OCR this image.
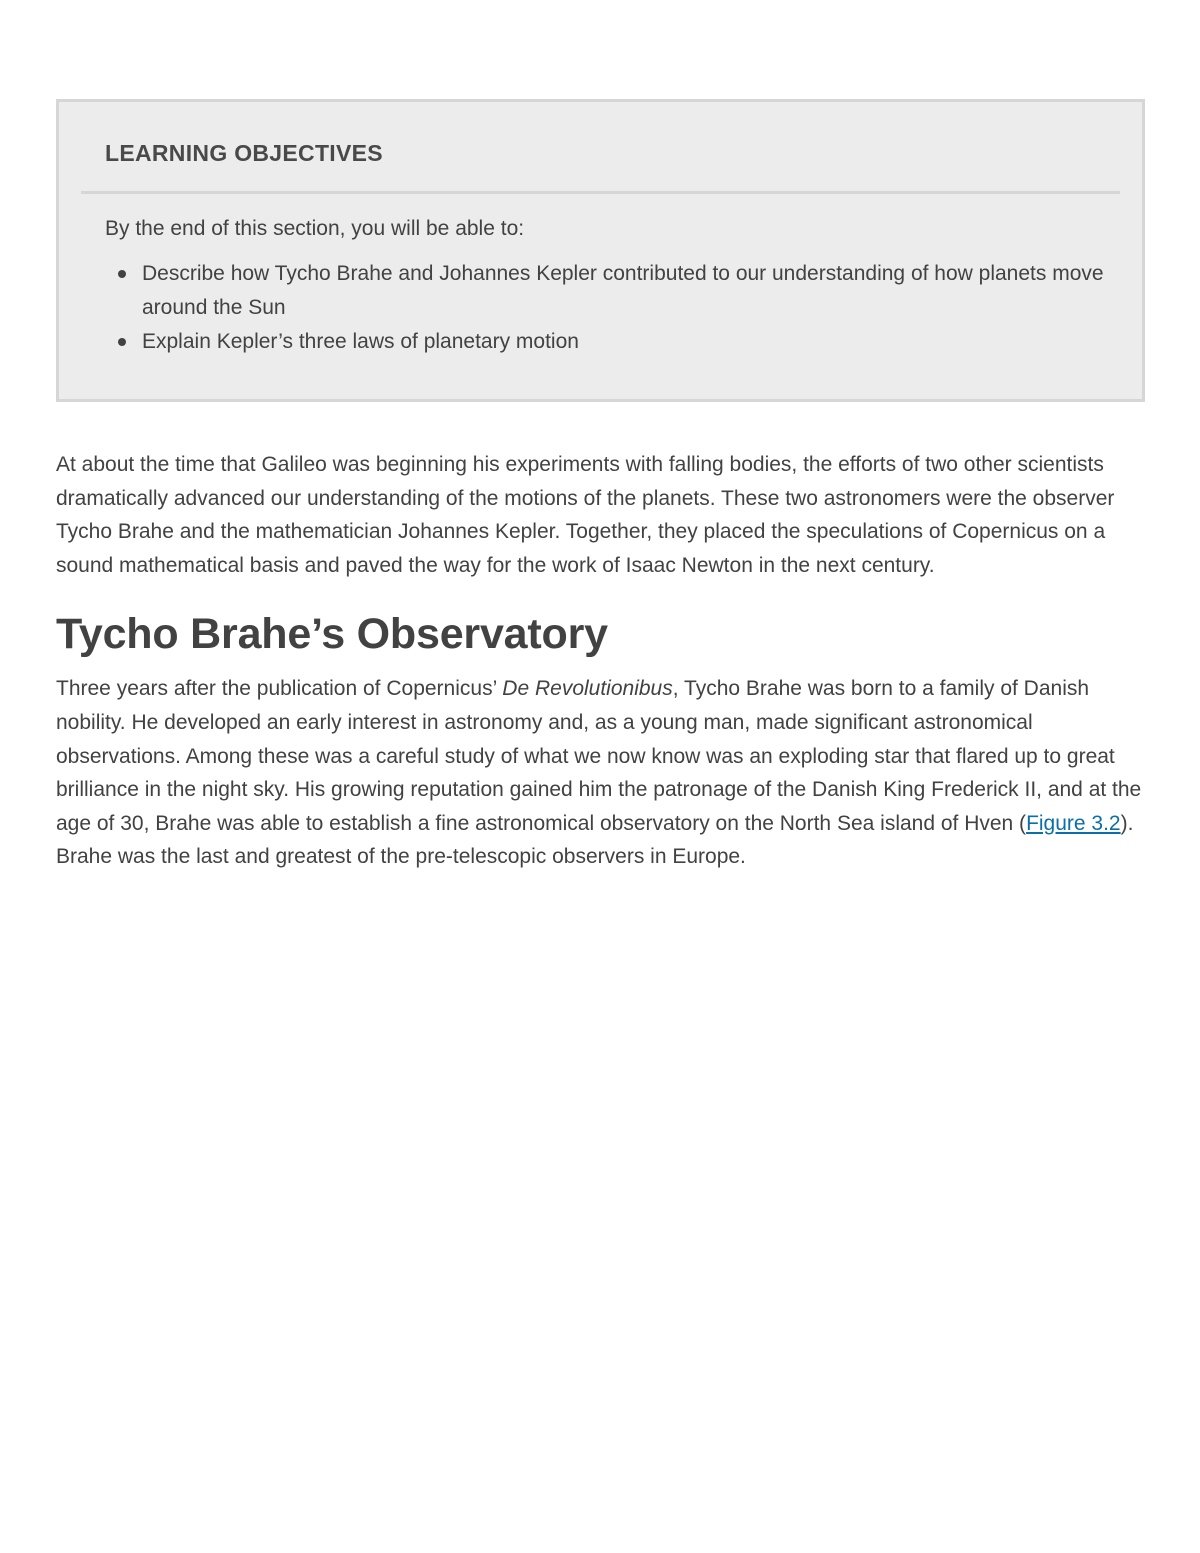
LEARNING OBJECTIVES

By the end of this section, you will be able to:

Describe how Tycho Brahe and Johannes Kepler contributed to our understanding of how planets move around the Sun
Explain Kepler’s three laws of planetary motion

At about the time that Galileo was beginning his experiments with falling bodies, the efforts of two other scientists dramatically advanced our understanding of the motions of the planets. These two astronomers were the observer Tycho Brahe and the mathematician Johannes Kepler. Together, they placed the speculations of Copernicus on a sound mathematical basis and paved the way for the work of Isaac Newton in the next century.

Tycho Brahe’s Observatory

Three years after the publication of Copernicus’ De Revolutionibus, Tycho Brahe was born to a family of Danish nobility. He developed an early interest in astronomy and, as a young man, made significant astronomical observations. Among these was a careful study of what we now know was an exploding star that flared up to great brilliance in the night sky. His growing reputation gained him the patronage of the Danish King Frederick II, and at the age of 30, Brahe was able to establish a fine astronomical observatory on the North Sea island of Hven (Figure 3.2). Brahe was the last and greatest of the pre-telescopic observers in Europe.
